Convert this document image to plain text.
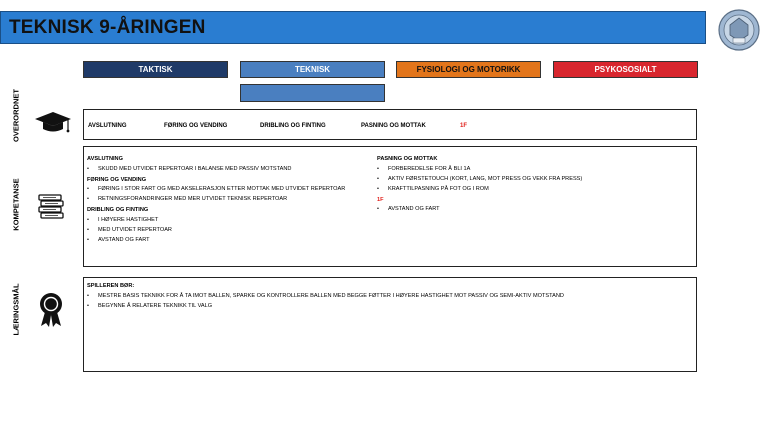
TEKNISK 9-ÅRINGEN
TAKTISK	TEKNISK	FYSIOLOGI OG MOTORIKK	PSYKOSOSIALT
OVERORDNET	AVSLUTNING	FØRING OG VENDING	DRIBLING OG FINTING	PASNING OG MOTTAK	1F
KOMPETANSE
AVSLUTNING
• SKUDD MED UTVIDET REPERTOAR I BALANSE MED PASSIV MOTSTAND
FØRING OG VENDING
• FØRING I STOR FART OG MED AKSELERASJON ETTER MOTTAK MED UTVIDET REPERTOAR
• RETNINGSFORANDRINGER MED MER UTVIDET TEKNISK REPERTOAR
DRIBLING OG FINTING
• I HØYERE HASTIGHET
• MED UTVIDET REPERTOAR
• AVSTAND OG FART
PASNING OG MOTTAK
• FORBEREDELSE FOR Å BLI 1A
• AKTIV FØRSTETOUCH (KORT, LANG, MOT PRESS OG VEKK FRA PRESS)
• KRAFTTILPASNING PÅ FOT OG I ROM
1F
• AVSTAND OG FART
LÆRINGSMÅL	SPILLEREN BØR:
• MESTRE BASIS TEKNIKK FOR Å TA IMOT BALLEN, SPARKE OG KONTROLLERE BALLEN MED BEGGE FØTTER I HØYERE HASTIGHET MOT PASSIV OG SEMI-AKTIV MOTSTAND
• BEGYNNE Å RELATERE TEKNIKK TIL VALG
